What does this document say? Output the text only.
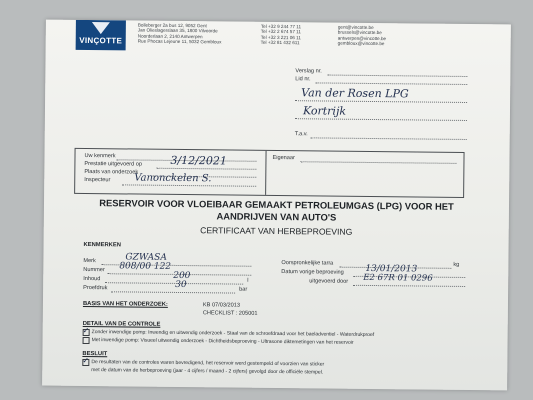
VINÇOTTE
Bolleberger 2a bus 12, 9052 Gent
Jan Olieslagerslaan 35, 1800 Vilvoorde
Noorderlaan 2, 2140 Antwerpen
Rue Phocas Lejeune 11, 5032 Gembloux
Tel +32 9 244 77 11
Tel +32 2 674 57 11
Tel +32 3 221 06 11
Tel +32 81 432 611
gent@vincotte.be
brussels@vincotte.be
antwerpen@vincotte.be
gembloux@vincotte.be
Verslag nr.
Lid nr.
Van der Rosen LPG
Kortrijk
T.a.v.
Uw kenmerk
Prestatie uitgevoerd op	3/12/2021
Plaats van onderzoek
Inspecteur Vanonckelen S.
Eigenaar
RESERVOIR VOOR VLOEIBAAR GEMAAKT PETROLEUMGAS (LPG) VOOR HET
AANDRIJVEN VAN AUTO'S
CERTIFICAAT VAN HERBEPROEVING
KENMERKEN
Merk	GZWASA
Nummer 808/00 122
Inhoud	200	l
Proefdruk	30	bar
Oorspronkelijke tarra	kg
Datum vorige beproeving 13/01/2013
uitgevoerd door E2 67R 01 0296
BASIS VAN HET ONDERZOEK:	KB 07/03/2013
CHECKLIST : 205001
DETAIL VAN DE CONTROLE
✓ Zonder inwendige pomp: Inwendig en uitwendig onderzoek - Staal van de schroefdraad voor het baeladventiel - Waterdrukproef
Met inwendige pomp: Visueel uitwendig onderzoek - Dichtheidsbeproeving - Ultrasone diktemetingen van het reservoir
BESLUIT
✓ De resultaten van de controles waren bevredigend, het reservoir werd gestempeld of voorzien van sticker
met de datum van de herbeproeving (jaar - 4 cijfers / maand - 2 cijfers) gevolgd door de officiële stempel.
